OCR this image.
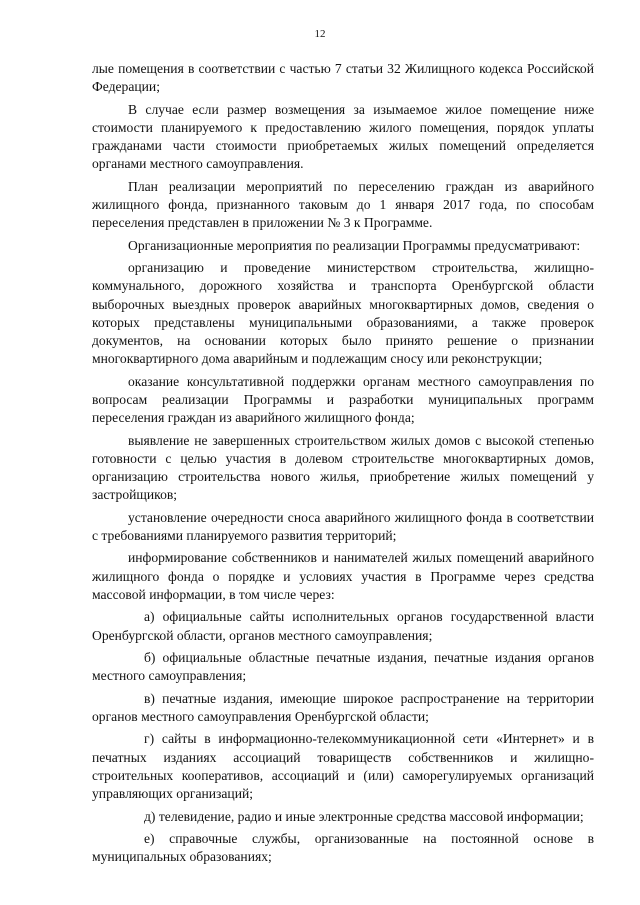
12

лые помещения в соответствии с частью 7 статьи 32 Жилищного кодекса Российской Федерации;

В случае если размер возмещения за изымаемое жилое помещение ниже стоимости планируемого к предоставлению жилого помещения, порядок уплаты гражданами части стоимости приобретаемых жилых помещений определяется органами местного самоуправления.

План реализации мероприятий по переселению граждан из аварийного жилищного фонда, признанного таковым до 1 января 2017 года, по способам переселения представлен в приложении № 3 к Программе.

Организационные мероприятия по реализации Программы предусматривают:

организацию и проведение министерством строительства, жилищно-коммунального, дорожного хозяйства и транспорта Оренбургской области выборочных выездных проверок аварийных многоквартирных домов, сведения о которых представлены муниципальными образованиями, а также проверок документов, на основании которых было принято решение о признании многоквартирного дома аварийным и подлежащим сносу или реконструкции;

оказание консультативной поддержки органам местного самоуправления по вопросам реализации Программы и разработки муниципальных программ переселения граждан из аварийного жилищного фонда;

выявление не завершенных строительством жилых домов с высокой степенью готовности с целью участия в долевом строительстве многоквартирных домов, организацию строительства нового жилья, приобретение жилых помещений у застройщиков;

установление очередности сноса аварийного жилищного фонда в соответствии с требованиями планируемого развития территорий;

информирование собственников и нанимателей жилых помещений аварийного жилищного фонда о порядке и условиях участия в Программе через средства массовой информации, в том числе через:

а) официальные сайты исполнительных органов государственной власти Оренбургской области, органов местного самоуправления;

б) официальные областные печатные издания, печатные издания органов местного самоуправления;

в) печатные издания, имеющие широкое распространение на территории органов местного самоуправления Оренбургской области;

г) сайты в информационно-телекоммуникационной сети «Интернет» и в печатных изданиях ассоциаций товариществ собственников и жилищно-строительных кооперативов, ассоциаций и (или) саморегулируемых организаций управляющих организаций;

д) телевидение, радио и иные электронные средства массовой информации;

е) справочные службы, организованные на постоянной основе в муниципальных образованиях;
